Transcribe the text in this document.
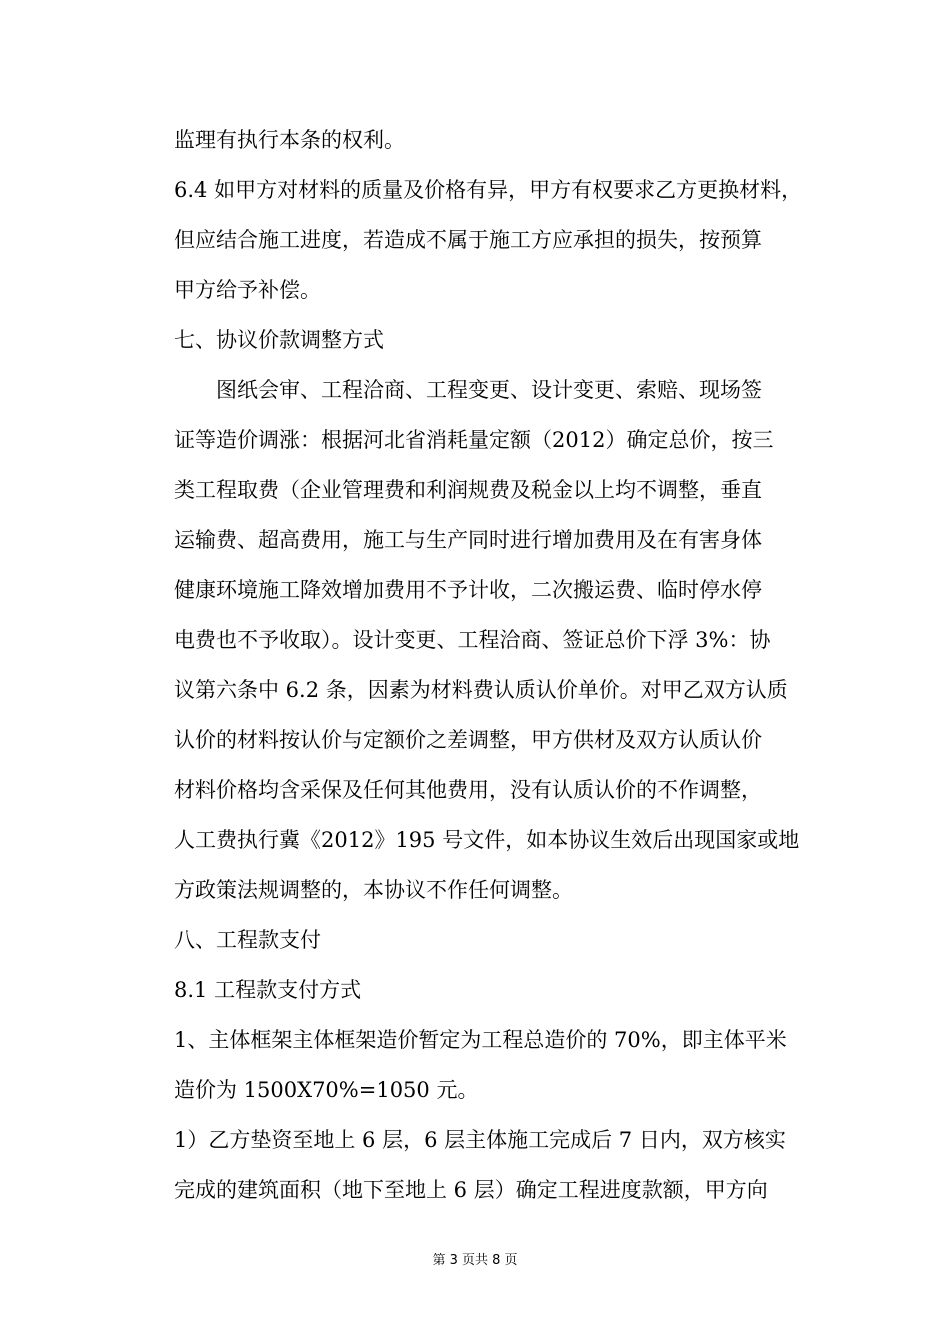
监理有执行本条的权利。
6.4 如甲方对材料的质量及价格有异，甲方有权要求乙方更换材料，
但应结合施工进度，若造成不属于施工方应承担的损失，按预算
甲方给予补偿。
七、协议价款调整方式
　　图纸会审、工程洽商、工程变更、设计变更、索赔、现场签
证等造价调涨：根据河北省消耗量定额（2012）确定总价，按三
类工程取费（企业管理费和利润规费及税金以上均不调整，垂直
运输费、超高费用，施工与生产同时进行增加费用及在有害身体
健康环境施工降效增加费用不予计收，二次搬运费、临时停水停
电费也不予收取）。设计变更、工程洽商、签证总价下浮 3%：协
议第六条中 6.2 条，因素为材料费认质认价单价。对甲乙双方认质
认价的材料按认价与定额价之差调整，甲方供材及双方认质认价
材料价格均含采保及任何其他费用，没有认质认价的不作调整，
人工费执行冀《2012》195 号文件，如本协议生效后出现国家或地
方政策法规调整的，本协议不作任何调整。
八、工程款支付
8.1 工程款支付方式
1、主体框架主体框架造价暂定为工程总造价的 70%，即主体平米
造价为 1500X70%=1050 元。
1）乙方垫资至地上 6 层，6 层主体施工完成后 7 日内，双方核实
完成的建筑面积（地下至地上 6 层）确定工程进度款额，甲方向
第 3 页共 8 页
